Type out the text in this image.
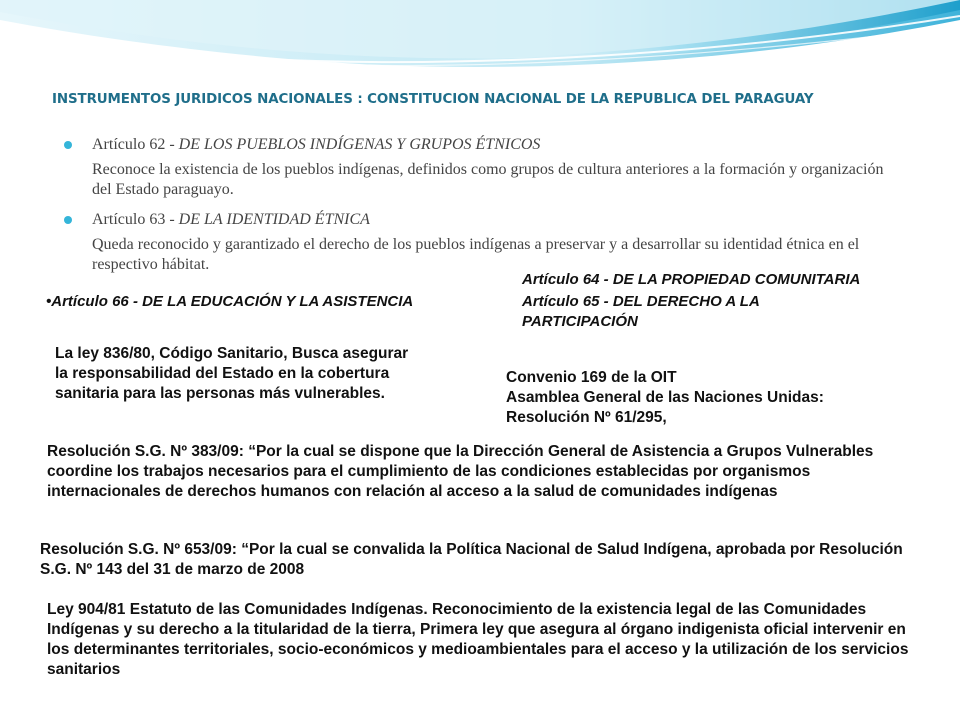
INSTRUMENTOS JURIDICOS NACIONALES : CONSTITUCION NACIONAL DE LA REPUBLICA DEL PARAGUAY
Artículo 62 - DE LOS PUEBLOS INDÍGENAS Y GRUPOS ÉTNICOS
Reconoce la existencia de los pueblos indígenas, definidos como grupos de cultura anteriores a la formación y organización del Estado paraguayo.
Artículo 63 - DE LA IDENTIDAD ÉTNICA
Queda reconocido y garantizado el derecho de los pueblos indígenas a preservar y a desarrollar su identidad étnica en el respectivo hábitat.
Artículo 64 - DE LA PROPIEDAD COMUNITARIA
Artículo 65 - DEL DERECHO A LA PARTICIPACIÓN
•Artículo 66 - DE LA EDUCACIÓN Y LA ASISTENCIA
La ley 836/80, Código Sanitario, Busca asegurar la responsabilidad del Estado en la cobertura sanitaria para las personas más vulnerables.
Convenio 169 de la OIT
Asamblea General de las Naciones Unidas: Resolución Nº 61/295,
Resolución S.G. Nº 383/09: “Por la cual se dispone que la Dirección General de Asistencia a Grupos Vulnerables coordine los trabajos necesarios para el cumplimiento de las condiciones establecidas por organismos internacionales de derechos humanos con relación al acceso a la salud de comunidades indígenas
Resolución S.G. Nº 653/09: “Por la cual se convalida la Política Nacional de Salud Indígena, aprobada por Resolución S.G. Nº 143 del 31 de marzo de 2008
Ley 904/81 Estatuto de las Comunidades Indígenas. Reconocimiento de la existencia legal de las Comunidades Indígenas y su derecho a la titularidad de la tierra, Primera ley que asegura al órgano indigenista oficial intervenir en los determinantes territoriales, socio-económicos y medioambientales para el acceso y la utilización de los servicios sanitarios
